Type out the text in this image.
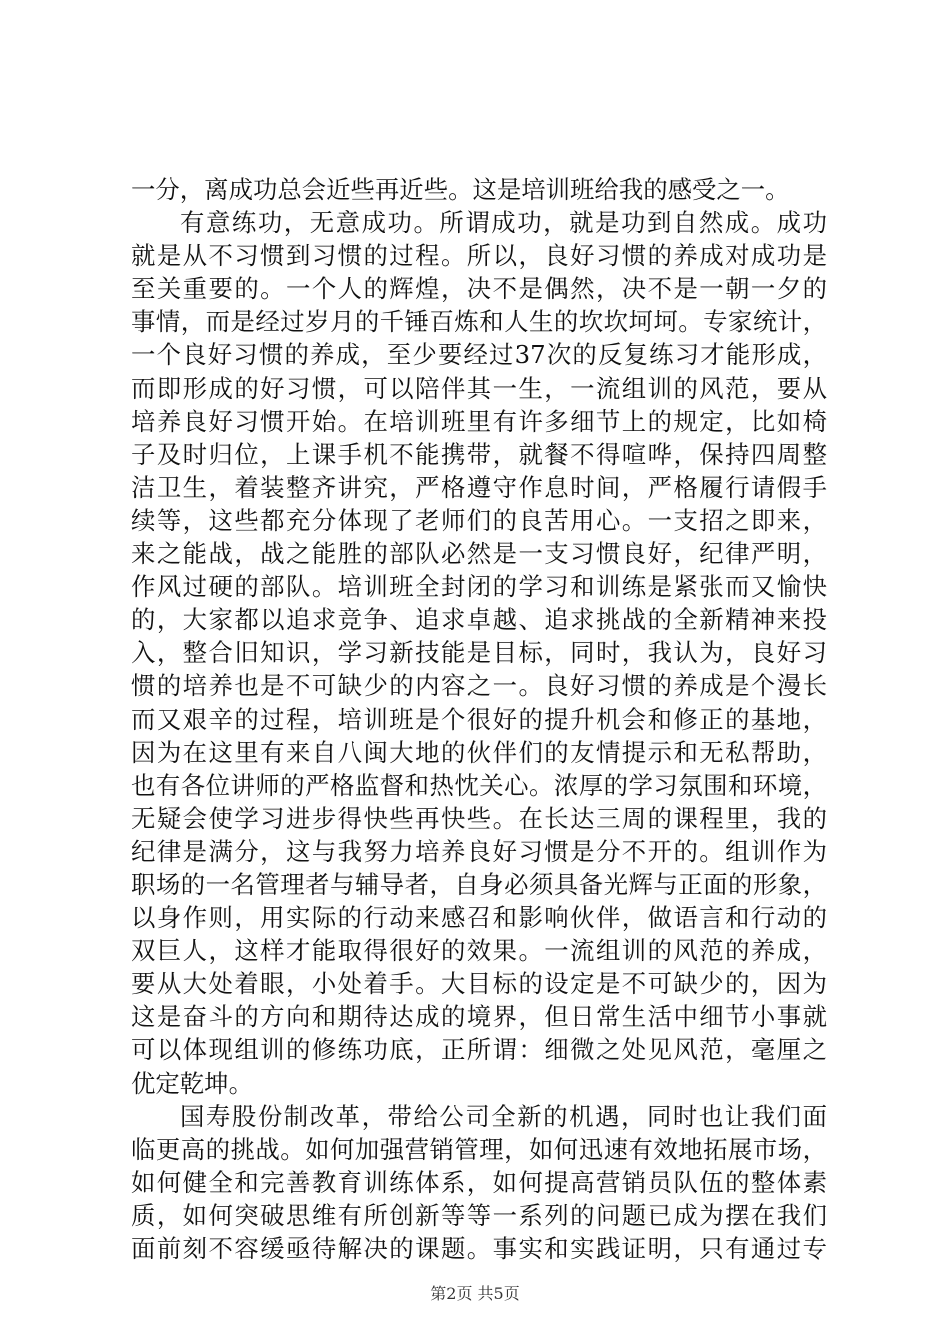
一分，离成功总会近些再近些。这是培训班给我的感受之一。
有意练功，无意成功。所谓成功，就是功到自然成。成功
就是从不习惯到习惯的过程。所以，良好习惯的养成对成功是
至关重要的。一个人的辉煌，决不是偶然，决不是一朝一夕的
事情，而是经过岁月的千锤百炼和人生的坎坎坷坷。专家统计，
一个良好习惯的养成，至少要经过37次的反复练习才能形成，
而即形成的好习惯，可以陪伴其一生，一流组训的风范，要从
培养良好习惯开始。在培训班里有许多细节上的规定，比如椅
子及时归位，上课手机不能携带，就餐不得喧哗，保持四周整
洁卫生，着装整齐讲究，严格遵守作息时间，严格履行请假手
续等，这些都充分体现了老师们的良苦用心。一支招之即来，
来之能战，战之能胜的部队必然是一支习惯良好，纪律严明，
作风过硬的部队。培训班全封闭的学习和训练是紧张而又愉快
的，大家都以追求竞争、追求卓越、追求挑战的全新精神来投
入，整合旧知识，学习新技能是目标，同时，我认为，良好习
惯的培养也是不可缺少的内容之一。良好习惯的养成是个漫长
而又艰辛的过程，培训班是个很好的提升机会和修正的基地，
因为在这里有来自八闽大地的伙伴们的友情提示和无私帮助，
也有各位讲师的严格监督和热忱关心。浓厚的学习氛围和环境，
无疑会使学习进步得快些再快些。在长达三周的课程里，我的
纪律是满分，这与我努力培养良好习惯是分不开的。组训作为
职场的一名管理者与辅导者，自身必须具备光辉与正面的形象，
以身作则，用实际的行动来感召和影响伙伴，做语言和行动的
双巨人，这样才能取得很好的效果。一流组训的风范的养成，
要从大处着眼，小处着手。大目标的设定是不可缺少的，因为
这是奋斗的方向和期待达成的境界，但日常生活中细节小事就
可以体现组训的修练功底，正所谓：细微之处见风范，毫厘之
优定乾坤。
国寿股份制改革，带给公司全新的机遇，同时也让我们面
临更高的挑战。如何加强营销管理，如何迅速有效地拓展市场，
如何健全和完善教育训练体系，如何提高营销员队伍的整体素
质，如何突破思维有所创新等等一系列的问题已成为摆在我们
面前刻不容缓亟待解决的课题。事实和实践证明，只有通过专
第2页 共5页
